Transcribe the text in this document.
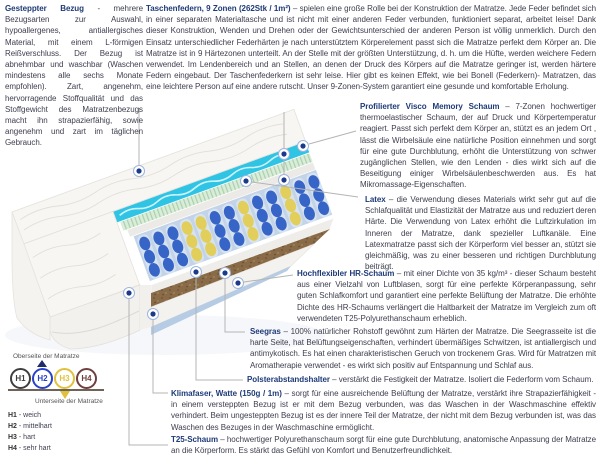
Gesteppter Bezug - mehrere Bezugsarten zur Auswahl, hypoallergenes, antiallergisches Material, mit einem L-förmigen Reißverschluss. Der Bezug ist abnehmbar und waschbar (Waschen mindestens alle sechs Monate empfohlen). Zart, angenehm, hervorragende Stoffqualität und das Stoffgewicht des Matratzenbezugs macht ihn strapazierfähig, sowie angenehm und zart im täglichen Gebrauch.

Taschenfedern, 9 Zonen (262Stk / 1m²) – spielen eine große Rolle bei der Konstruktion der Matratze. Jede Feder befindet sich in einer separaten Materialtasche und ist nicht mit einer anderen Feder verbunden, funktioniert separat, arbeitet leise! Dank dieser Konstruktion, Wenden und Drehen oder der Gewichtsunterschied der anderen Person ist völlig unmerklich. Durch den Einsatz unterschiedlicher Federhärten je nach unterstütztem Körperelement passt sich die Matratze perfekt dem Körper an. Die Matratze ist in 9 Härtezonen unterteilt. An der Stelle mit der größten Unterstützung, d. h. um die Hüfte, werden weichere Federn verwendet. Im Lendenbereich und an Stellen, an denen der Druck des Körpers auf die Matratze geringer ist, werden härtere Federn eingebaut. Der Taschenfederkern ist sehr leise. Hier gibt es keinen Effekt, wie bei Bonell (Federkern)- Matratzen, das eine leichtere Person auf eine andere rutscht. Unser 9-Zonen-System garantiert eine gesunde und komfortable Erholung.

Profilierter Visco Memory Schaum – 7-Zonen hochwertiger thermoelastischer Schaum, der auf Druck und Körpertemperatur reagiert. Passt sich perfekt dem Körper an, stützt es an jedem Ort , lässt die Wirbelsäule eine natürliche Position einnehmen und sorgt für eine gute Durchblutung, erhöht die Unterstützung von schwer zugänglichen Stellen, wie den Lenden - dies wirkt sich auf die Beseitigung einiger Wirbelsäulenbeschwerden aus. Es hat Mikromassage-Eigenschaften.

Latex – die Verwendung dieses Materials wirkt sehr gut auf die Schlafqualität und Elastizität der Matratze aus und reduziert deren Härte. Die Verwendung von Latex erhöht die Luftzirkulation im Inneren der Matratze, dank spezieller Luftkanäle. Eine Latexmatratze passt sich der Körperform viel besser an, stützt sie gleichmäßig, was zu einer besseren und richtigen Durchblutung beiträgt.

Hochflexibler HR-Schaum – mit einer Dichte von 35 kg/m³ - dieser Schaum besteht aus einer Vielzahl von Luftblasen, sorgt für eine perfekte Körperanpassung, sehr guten Schlafkomfort und garantiert eine perfekte Belüftung der Matratze. Die erhöhte Dichte des HR-Schaums verlängert die Haltbarkeit der Matratze im Vergleich zum oft verwendeten T25-Polyurethanschaum erheblich.

Seegras – 100% natürlicher Rohstoff gewöhnt zum Härten der Matratze. Die Seegrasseite ist die harte Seite, hat Belüftungseigenschaften, verhindert übermäßiges Schwitzen, ist antiallergisch und antimykotisch. Es hat einen charakteristischen Geruch von trockenem Gras. Wird für Matratzen mit Aromatherapie verwendet - es wirkt sich positiv auf Entspannung und Schlaf aus.

Polsterabstandshalter – verstärkt die Festigkeit der Matratze. Isoliert die Federform vom Schaum.

Klimafaser, Watte (150g / 1m) – sorgt für eine ausreichende Belüftung der Matratze, verstärkt ihre Strapazierfähigkeit - in einem versteppten Bezug ist er mit dem Bezug verbunden, was das Waschen in der Waschmaschine effektiv verhindert. Beim ungesteppten Bezug ist es der innere Teil der Matratze, der nicht mit dem Bezug verbunden ist, was das Waschen des Bezuges in der Waschmaschine ermöglicht.

T25-Schaum – hochwertiger Polyurethanschaum sorgt für eine gute Durchblutung, anatomische Anpassung der Matratze an die Körperform. Es stärkt das Gefühl von Komfort und Benutzerfreundlichkeit.

Oberseite der Matratze
H1	H2	H3	H4
Unterseite der Matratze
H1 - weich
H2 - mittelhart
H3 - hart
H4 - sehr hart
